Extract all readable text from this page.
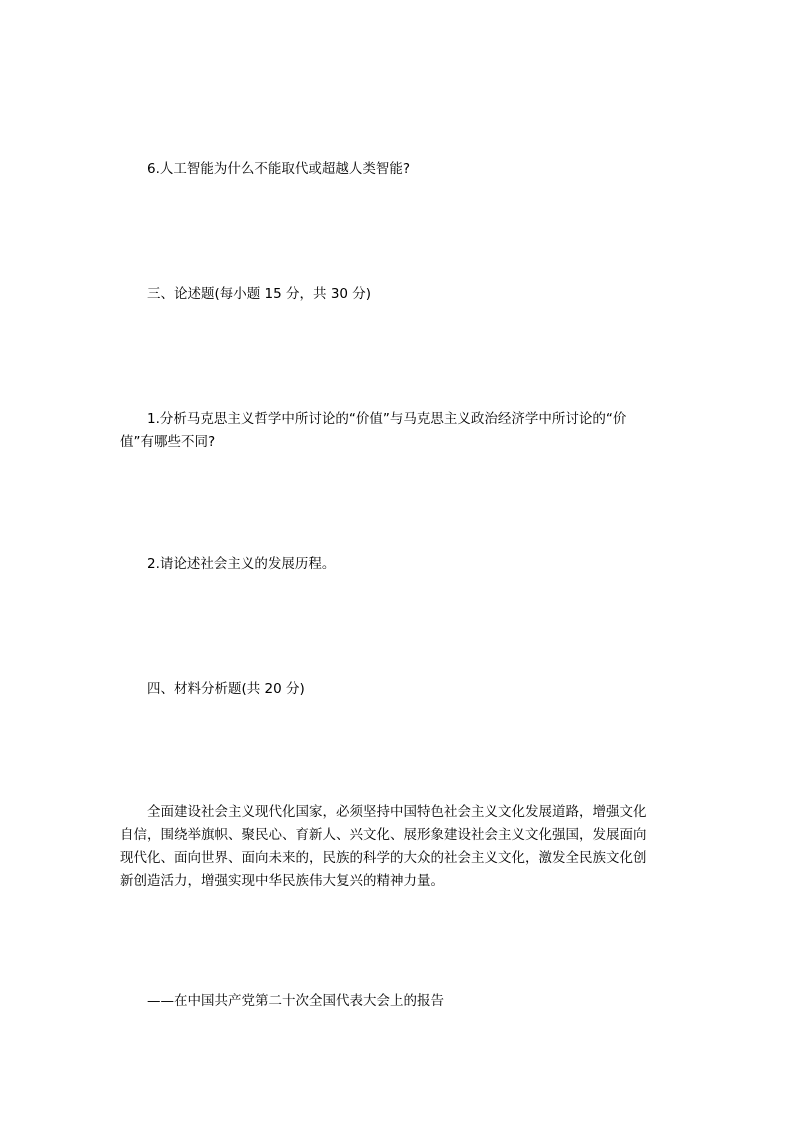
6.人工智能为什么不能取代或超越人类智能?
三、论述题(每小题 15 分，共 30 分)
1.分析马克思主义哲学中所讨论的“价值”与马克思主义政治经济学中所讨论的“价
值”有哪些不同?
2.请论述社会主义的发展历程。
四、材料分析题(共 20 分)
全面建设社会主义现代化国家，必须坚持中国特色社会主义文化发展道路，增强文化
自信，围绕举旗帜、聚民心、育新人、兴文化、展形象建设社会主义文化强国，发展面向
现代化、面向世界、面向未来的，民族的科学的大众的社会主义文化，激发全民族文化创
新创造活力，增强实现中华民族伟大复兴的精神力量。
——在中国共产党第二十次全国代表大会上的报告
